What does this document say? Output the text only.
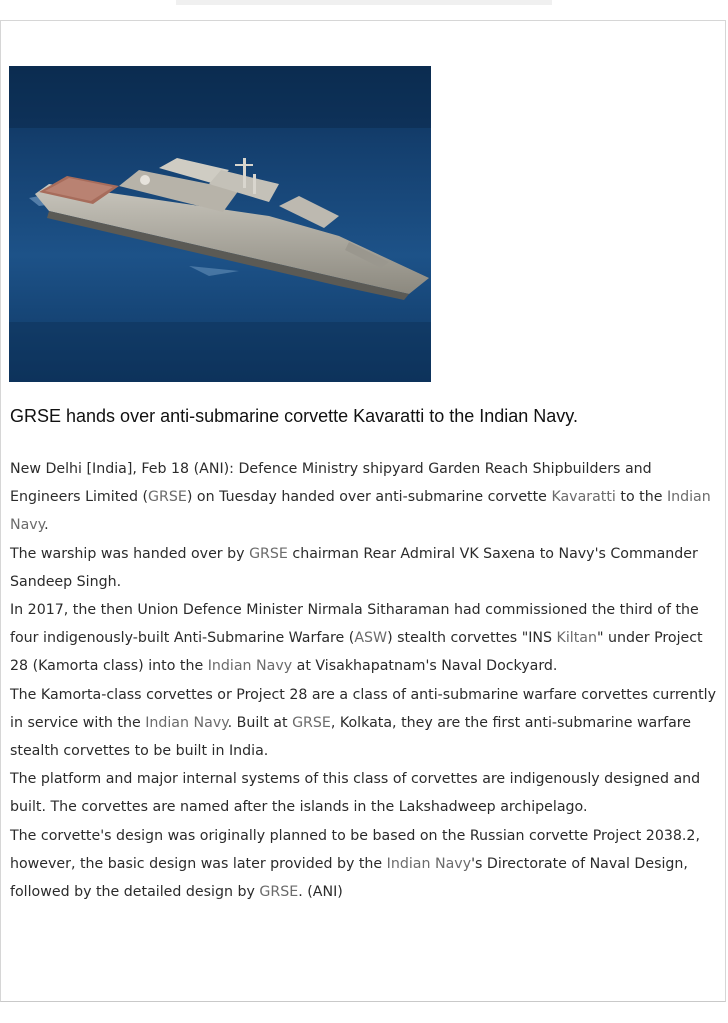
GRSE hands over anti-submarine corvette Kavaratti to the Indian Navy.

New Delhi [India], Feb 18 (ANI): Defence Ministry shipyard Garden Reach Shipbuilders and Engineers Limited (GRSE) on Tuesday handed over anti-submarine corvette Kavaratti to the Indian Navy.

The warship was handed over by GRSE chairman Rear Admiral VK Saxena to Navy's Commander Sandeep Singh.

In 2017, the then Union Defence Minister Nirmala Sitharaman had commissioned the third of the four indigenously-built Anti-Submarine Warfare (ASW) stealth corvettes "INS Kiltan" under Project 28 (Kamorta class) into the Indian Navy at Visakhapatnam's Naval Dockyard.

The Kamorta-class corvettes or Project 28 are a class of anti-submarine warfare corvettes currently in service with the Indian Navy. Built at GRSE, Kolkata, they are the first anti-submarine warfare stealth corvettes to be built in India.

The platform and major internal systems of this class of corvettes are indigenously designed and built. The corvettes are named after the islands in the Lakshadweep archipelago.

The corvette's design was originally planned to be based on the Russian corvette Project 2038.2, however, the basic design was later provided by the Indian Navy's Directorate of Naval Design, followed by the detailed design by GRSE. (ANI)
